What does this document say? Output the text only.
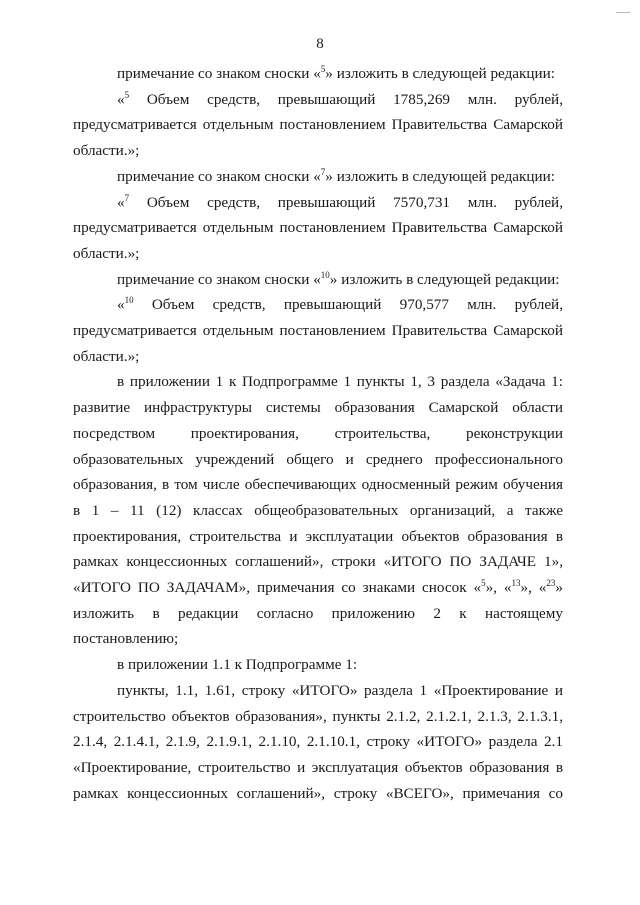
8

примечание со знаком сноски «$^5$» изложить в следующей редакции:

«$^5$ Объем средств, превышающий 1785,269 млн. рублей, предусматривается отдельным постановлением Правительства Самарской области.»;

примечание со знаком сноски «$^7$» изложить в следующей редакции:

«$^7$ Объем средств, превышающий 7570,731 млн. рублей, предусматривается отдельным постановлением Правительства Самарской области.»;

примечание со знаком сноски «$^{10}$» изложить в следующей редакции:

«$^{10}$ Объем средств, превышающий 970,577 млн. рублей, предусматривается отдельным постановлением Правительства Самарской области.»;

в приложении 1 к Подпрограмме 1 пункты 1, 3 раздела «Задача 1: развитие инфраструктуры системы образования Самарской области посредством проектирования, строительства, реконструкции образовательных учреждений общего и среднего профессионального образования, в том числе обеспечивающих односменный режим обучения в 1 – 11 (12) классах общеобразовательных организаций, а также проектирования, строительства и эксплуатации объектов образования в рамках концессионных соглашений», строки «ИТОГО ПО ЗАДАЧЕ 1», «ИТОГО ПО ЗАДАЧАМ», примечания со знаками сносок «$^5$», «$^{13}$», «$^{23}$» изложить в редакции согласно приложению 2 к настоящему постановлению;

в приложении 1.1 к Подпрограмме 1:

пункты, 1.1, 1.61, строку «ИТОГО» раздела 1 «Проектирование и строительство объектов образования», пункты 2.1.2, 2.1.2.1, 2.1.3, 2.1.3.1, 2.1.4, 2.1.4.1, 2.1.9, 2.1.9.1, 2.1.10, 2.1.10.1, строку «ИТОГО» раздела 2.1 «Проектирование, строительство и эксплуатация объектов образования в рамках концессионных соглашений», строку «ВСЕГО», примечания со
